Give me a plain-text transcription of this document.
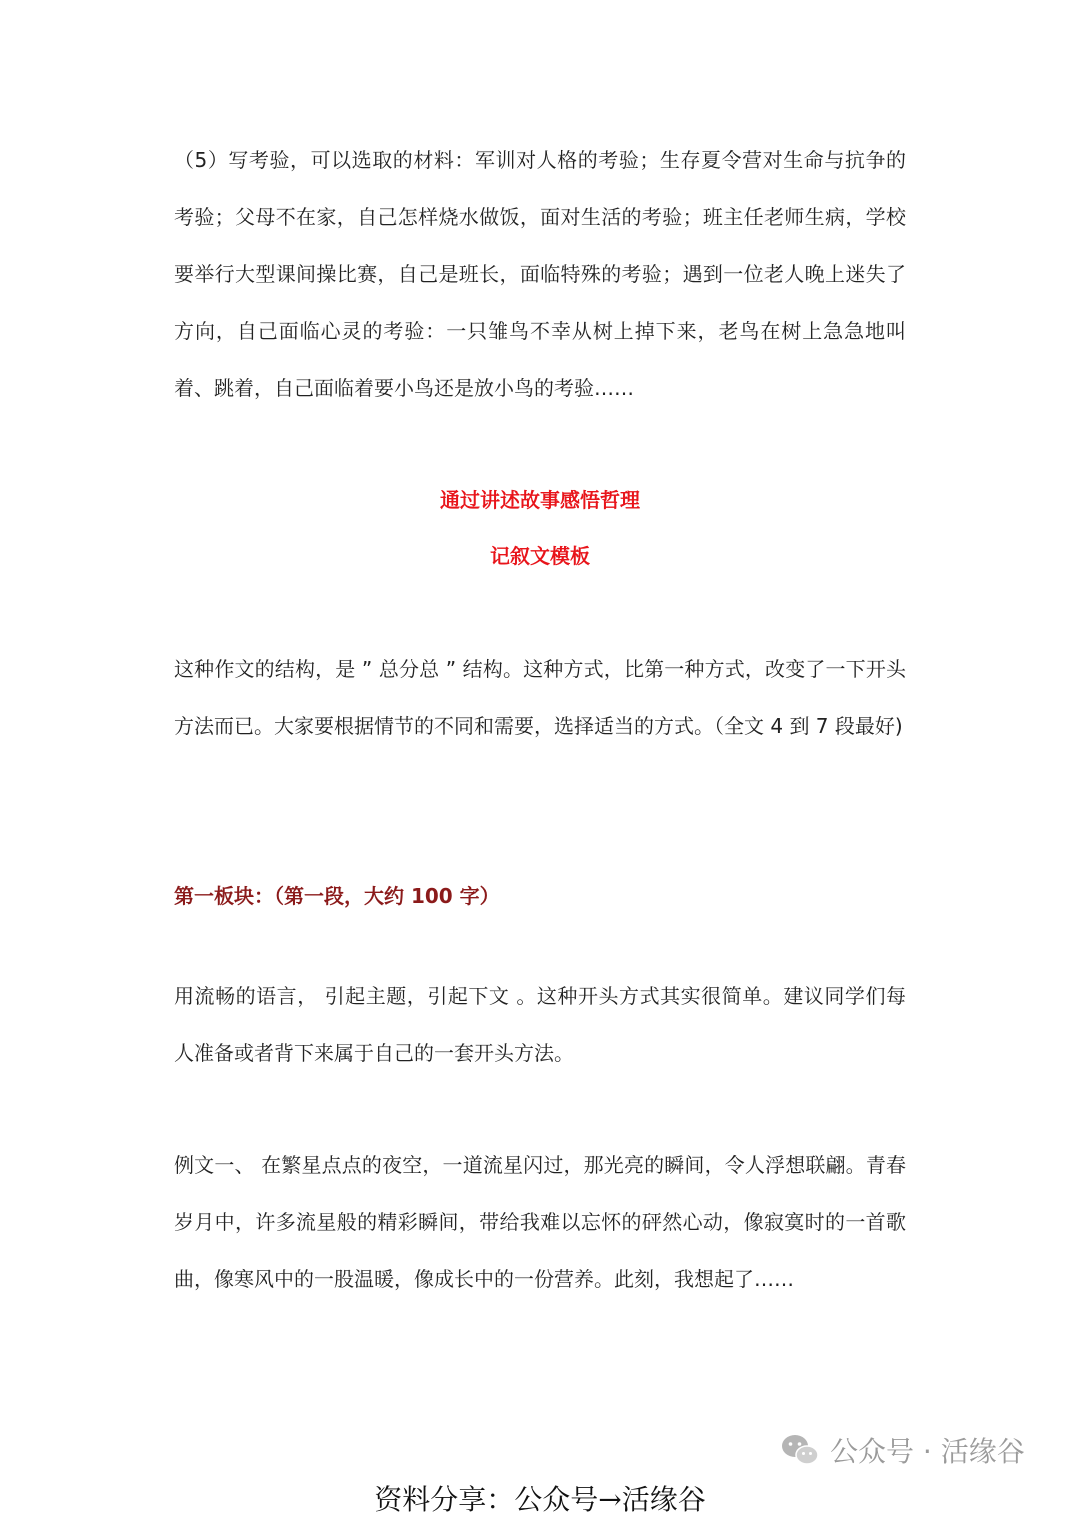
（5）写考验，可以选取的材料：军训对人格的考验；生存夏令营对生命与抗争的考验；父母不在家，自己怎样烧水做饭，面对生活的考验；班主任老师生病，学校要举行大型课间操比赛，自己是班长，面临特殊的考验；遇到一位老人晚上迷失了方向，自己面临心灵的考验：一只雏鸟不幸从树上掉下来，老鸟在树上急急地叫着、跳着，自己面临着要小鸟还是放小鸟的考验……

通过讲述故事感悟哲理

记叙文模板

这种作文的结构，是 ” 总分总 ” 结构。这种方式，比第一种方式，改变了一下开头方法而已。大家要根据情节的不同和需要，选择适当的方式。（全文 4 到 7 段最好)

第一板块：（第一段，大约 100 字）

用流畅的语言， 引起主题，引起下文 。这种开头方式其实很简单。建议同学们每人准备或者背下来属于自己的一套开头方法。

例文一、 在繁星点点的夜空，一道流星闪过，那光亮的瞬间，令人浮想联翩。青春岁月中，许多流星般的精彩瞬间，带给我难以忘怀的砰然心动，像寂寞时的一首歌曲，像寒风中的一股温暖，像成长中的一份营养。此刻，我想起了……

公众号 · 活缘谷
资料分享：公众号→活缘谷
